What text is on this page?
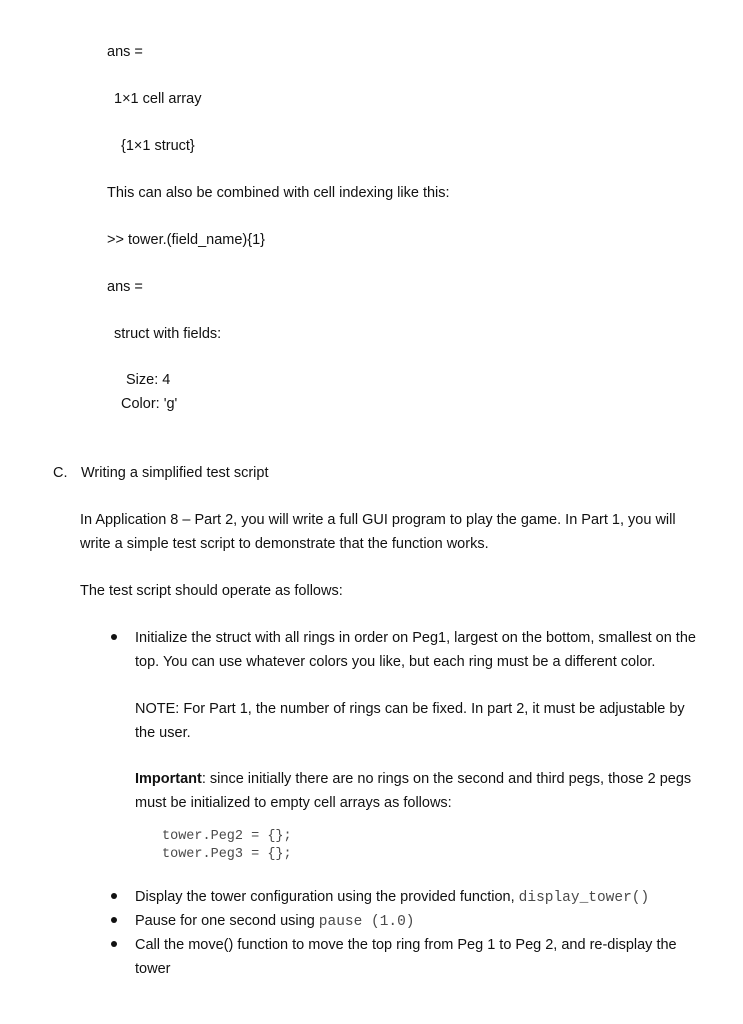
ans =

1×1 cell array

{1×1 struct}

This can also be combined with cell indexing like this:

>> tower.(field_name){1}

ans =

struct with fields:

Size: 4

Color: 'g'

C. Writing a simplified test script

In Application 8 – Part 2, you will write a full GUI program to play the game. In Part 1, you will

write a simple test script to demonstrate that the function works.

The test script should operate as follows:

Initialize the struct with all rings in order on Peg1, largest on the bottom, smallest on the

top. You can use whatever colors you like, but each ring must be a different color.

NOTE: For Part 1, the number of rings can be fixed. In part 2, it must be adjustable by

the user.

Important: since initially there are no rings on the second and third pegs, those 2 pegs

must be initialized to empty cell arrays as follows:

tower.Peg2 = {};

tower.Peg3 = {};

Display the tower configuration using the provided function, display_tower()

Pause for one second using pause (1.0)

Call the move() function to move the top ring from Peg 1 to Peg 2, and re-display the

tower
